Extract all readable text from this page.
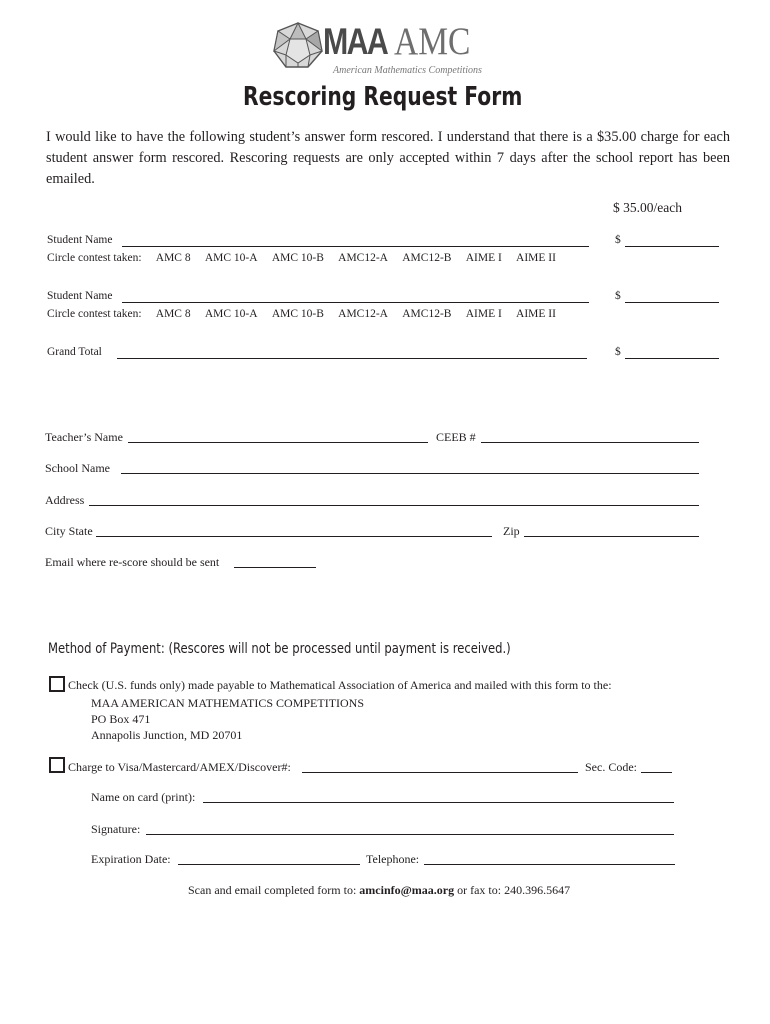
MAA AMC
American Mathematics Competitions
Rescoring Request Form
I would like to have the following student’s answer form rescored. I understand that there is a $35.00 charge for each student answer form rescored. Rescoring requests are only accepted within 7 days after the school report has been emailed.
$ 35.00/each
Student Name	$
Circle contest taken: AMC 8 AMC 10-A AMC 10-B AMC12-A AMC12-B AIME I AIME II
Student Name	$
Circle contest taken: AMC 8 AMC 10-A AMC 10-B AMC12-A AMC12-B AIME I AIME II
Grand Total	$
Teacher’s Name	CEEB #
School Name
Address
City State	Zip
Email where re-score should be sent
Method of Payment: (Rescores will not be processed until payment is received.)
Check (U.S. funds only) made payable to Mathematical Association of America and mailed with this form to the:
MAA AMERICAN MATHEMATICS COMPETITIONS
PO Box 471
Annapolis Junction, MD 20701
Charge to Visa/Mastercard/AMEX/Discover#:	Sec. Code:
Name on card (print):
Signature:
Expiration Date:	Telephone:
Scan and email completed form to: amcinfo@maa.org or fax to: 240.396.5647
